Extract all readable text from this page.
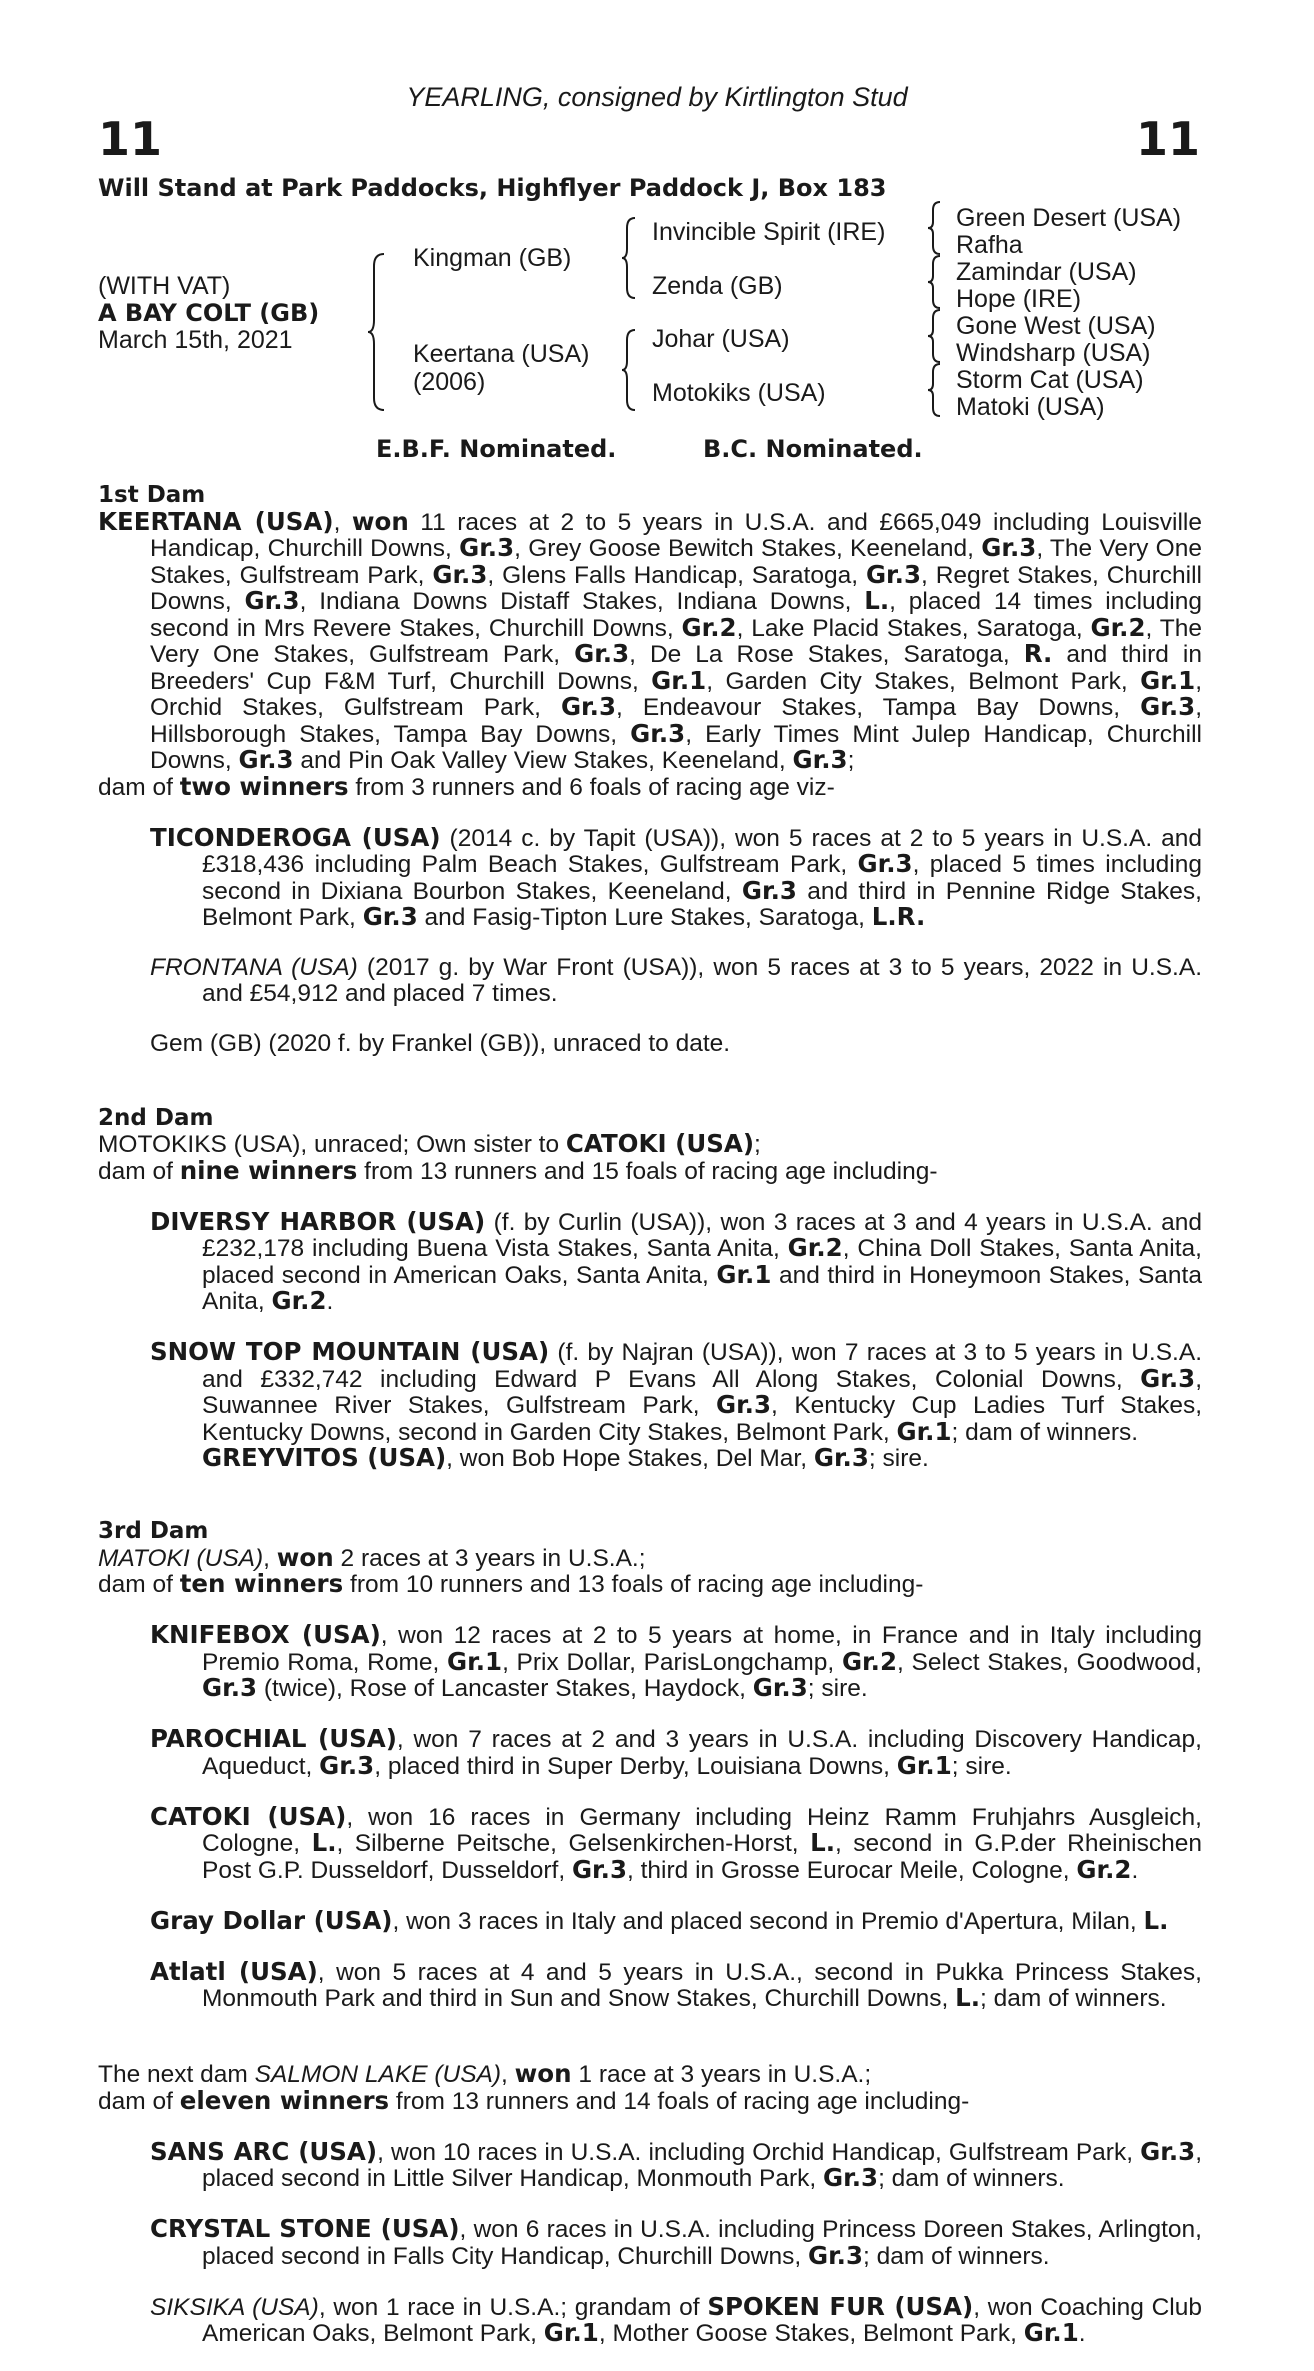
11	11
YEARLING, consigned by Kirtlington Stud
Will Stand at Park Paddocks, Highflyer Paddock J, Box 183
(WITH VAT)
A BAY COLT (GB)
March 15th, 2021
Kingman (GB)
Keertana (USA)
(2006)
Invincible Spirit (IRE)
Zenda (GB)
Johar (USA)
Motokiks (USA)
Green Desert (USA)
Rafha
Zamindar (USA)
Hope (IRE)
Gone West (USA)
Windsharp (USA)
Storm Cat (USA)
Matoki (USA)
E.B.F. Nominated.	B.C. Nominated.
1st Dam

KEERTANA (USA), won 11 races at 2 to 5 years in U.S.A. and £665,049 including Louisville Handicap, Churchill Downs, Gr.3, Grey Goose Bewitch Stakes, Keeneland, Gr.3, The Very One Stakes, Gulfstream Park, Gr.3, Glens Falls Handicap, Saratoga, Gr.3, Regret Stakes, Churchill Downs, Gr.3, Indiana Downs Distaff Stakes, Indiana Downs, L., placed 14 times including second in Mrs Revere Stakes, Churchill Downs, Gr.2, Lake Placid Stakes, Saratoga, Gr.2, The Very One Stakes, Gulfstream Park, Gr.3, De La Rose Stakes, Saratoga, R. and third in Breeders' Cup F&M Turf, Churchill Downs, Gr.1, Garden City Stakes, Belmont Park, Gr.1, Orchid Stakes, Gulfstream Park, Gr.3, Endeavour Stakes, Tampa Bay Downs, Gr.3, Hillsborough Stakes, Tampa Bay Downs, Gr.3, Early Times Mint Julep Handicap, Churchill Downs, Gr.3 and Pin Oak Valley View Stakes, Keeneland, Gr.3;

dam of two winners from 3 runners and 6 foals of racing age viz-

TICONDEROGA (USA) (2014 c. by Tapit (USA)), won 5 races at 2 to 5 years in U.S.A. and £318,436 including Palm Beach Stakes, Gulfstream Park, Gr.3, placed 5 times including second in Dixiana Bourbon Stakes, Keeneland, Gr.3 and third in Pennine Ridge Stakes, Belmont Park, Gr.3 and Fasig-Tipton Lure Stakes, Saratoga, L.R.

FRONTANA (USA) (2017 g. by War Front (USA)), won 5 races at 3 to 5 years, 2022 in U.S.A. and £54,912 and placed 7 times.

Gem (GB) (2020 f. by Frankel (GB)), unraced to date.

2nd Dam

MOTOKIKS (USA), unraced; Own sister to CATOKI (USA);

dam of nine winners from 13 runners and 15 foals of racing age including-

DIVERSY HARBOR (USA) (f. by Curlin (USA)), won 3 races at 3 and 4 years in U.S.A. and £232,178 including Buena Vista Stakes, Santa Anita, Gr.2, China Doll Stakes, Santa Anita, placed second in American Oaks, Santa Anita, Gr.1 and third in Honeymoon Stakes, Santa Anita, Gr.2.

SNOW TOP MOUNTAIN (USA) (f. by Najran (USA)), won 7 races at 3 to 5 years in U.S.A. and £332,742 including Edward P Evans All Along Stakes, Colonial Downs, Gr.3, Suwannee River Stakes, Gulfstream Park, Gr.3, Kentucky Cup Ladies Turf Stakes, Kentucky Downs, second in Garden City Stakes, Belmont Park, Gr.1; dam of winners.
GREYVITOS (USA), won Bob Hope Stakes, Del Mar, Gr.3; sire.

3rd Dam

MATOKI (USA), won 2 races at 3 years in U.S.A.;

dam of ten winners from 10 runners and 13 foals of racing age including-

KNIFEBOX (USA), won 12 races at 2 to 5 years at home, in France and in Italy including Premio Roma, Rome, Gr.1, Prix Dollar, ParisLongchamp, Gr.2, Select Stakes, Goodwood, Gr.3 (twice), Rose of Lancaster Stakes, Haydock, Gr.3; sire.

PAROCHIAL (USA), won 7 races at 2 and 3 years in U.S.A. including Discovery Handicap, Aqueduct, Gr.3, placed third in Super Derby, Louisiana Downs, Gr.1; sire.

CATOKI (USA), won 16 races in Germany including Heinz Ramm Fruhjahrs Ausgleich, Cologne, L., Silberne Peitsche, Gelsenkirchen-Horst, L., second in G.P.der Rheinischen Post G.P. Dusseldorf, Dusseldorf, Gr.3, third in Grosse Eurocar Meile, Cologne, Gr.2.

Gray Dollar (USA), won 3 races in Italy and placed second in Premio d'Apertura, Milan, L.

Atlatl (USA), won 5 races at 4 and 5 years in U.S.A., second in Pukka Princess Stakes, Monmouth Park and third in Sun and Snow Stakes, Churchill Downs, L.; dam of winners.

The next dam SALMON LAKE (USA), won 1 race at 3 years in U.S.A.;

dam of eleven winners from 13 runners and 14 foals of racing age including-

SANS ARC (USA), won 10 races in U.S.A. including Orchid Handicap, Gulfstream Park, Gr.3, placed second in Little Silver Handicap, Monmouth Park, Gr.3; dam of winners.

CRYSTAL STONE (USA), won 6 races in U.S.A. including Princess Doreen Stakes, Arlington, placed second in Falls City Handicap, Churchill Downs, Gr.3; dam of winners.

SIKSIKA (USA), won 1 race in U.S.A.; grandam of SPOKEN FUR (USA), won Coaching Club American Oaks, Belmont Park, Gr.1, Mother Goose Stakes, Belmont Park, Gr.1.
